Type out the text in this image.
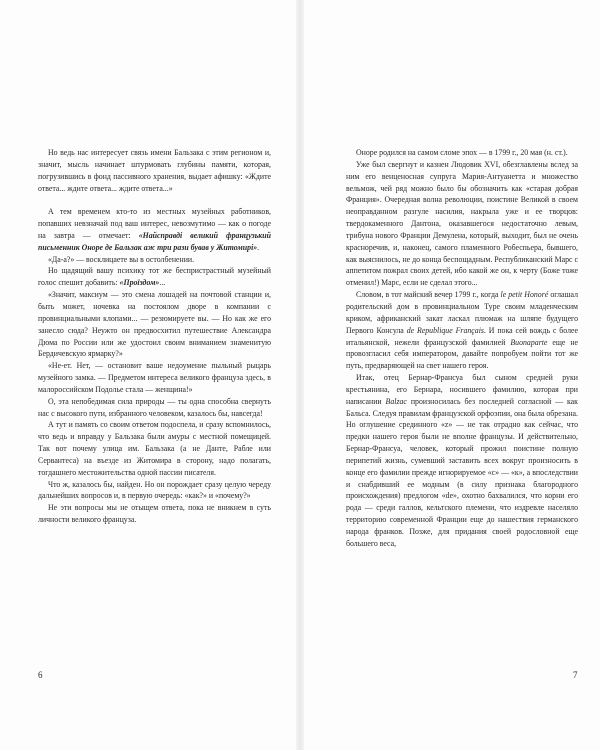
Но ведь нас интересует связь имени Бальзака с этим регионом и, значит, мысль начинает штурмовать глубины памяти, которая, погрузившись в фонд пассивного хранения, выдает афишку: «Ждите ответа... ждите ответа... ждите ответа...»

А тем временем кто-то из местных музейных работников, попавших невзначай под ваш интерес, невозмутимо — как о погоде на завтра — отмечает: «Найсправді великий французький письменник Оноре де Бальзак аж три рази бував у Житомирі».

«Да-а?» — восклицаете вы в остолбенении.

Но щадящий вашу психику тот же беспристрастный музейный голос спешит добавить: «Проїздом»...

«Значит, максиум — это смена лошадей на почтовой станции и, быть может, ночевка на постоялом дворе в компании с провинциальными клопами... — резюмируете вы. — Но как же его занесло сюда? Неужто он предвосхитил путешествие Александра Дюма по России или же удостоил своим вниманием знаменитую Бердичевскую ярмарку?»

«Не-ет. Нет, — остановит ваше недоумение пыльный рыцарь музейного замка. — Предметом интереса великого француза здесь, в малороссийском Подолье стала — женщина!»

О, эта непобедимая сила природы — ты одна способна свернуть нас с высокого пути, избранного человеком, казалось бы, навсегда!

А тут и память со своим ответом подоспела, и сразу вспомнилось, что ведь и вправду у Бальзака были амуры с местной помещицей. Так вот почему улица им. Бальзака (а не Данте, Рабле или Сервантеса) на въезде из Житомира в сторону, надо полагать, тогдашнего местожительства одной пассии писателя.

Что ж, казалось бы, найден. Но он порождает сразу целую череду дальнейших вопросов и, в первую очередь: «как?» и «почему?»

Не эти вопросы мы не отыщем ответа, пока не вникнем в суть личности великого француза.

6

Оноре родился на самом сломе эпох — в 1799 г., 20 мая (н. ст.).

Уже был свергнут и казнен Людовик XVI, обезглавлены вслед за ним его венценосная супруга Мария-Антуанетта и множество вельмож, чей ряд можно было бы обозначить как «старая добрая Франция». Очередная волна революции, поистине Великой в своем неоправданном разгуле насилия, накрыла уже и ее творцов: твердокаменного Дантона, оказавшегося недостаточно левым, трибуна нового Франции Демулена, который, выходит, был не очень красноречив, и, наконец, самого пламенного Робеспьера, бывшего, как выяснилось, не до конца беспощадным. Республиканский Марс с аппетитом пожрал своих детей, ибо какой же он, к черту (Боже тоже отменил!) Марс, если не сделал этого...

Словом, в тот майский вечер 1799 г., когда le petit Honoré оглашал родительский дом в провинциальном Туре своим младенческим криком, африканский закат ласкал плюмаж на шляпе будущего Первого Консула de Republique Français. И пока сей вождь с более итальянской, нежели французской фамилией Buonaparte еще не провозгласил себя императором, давайте попробуем пойти тот же путь, предваряющей на свет нашего героя.

Итак, отец Бернар-Франсуа был сыном средней руки крестьянина, его Бернара, носившего фамилию, которая при написании Balzac произносилась без последней согласной — как Бальса. Следуя правилам французской орфоэпии, она была обрезана. Но оглушение срединного «z» — не так отрадно как сейчас, что предки нашего героя были не вполне французы. И действительно, Бернар-Франсуа, человек, который прожил поистине полную перипетий жизнь, сумевший заставить всех вокруг произносить в конце его фамилии прежде игнорируемое «c» — «к», а впоследствии и снабдивший ее модным (в силу признака благородного происхождения) предлогом «de», охотно бахвалился, что корни его рода — среди галлов, кельтского племени, что издревле населяло территорию современной Франции еще до нашествия германского народа франков. Позже, для придания своей родословной еще большего веса,

7
